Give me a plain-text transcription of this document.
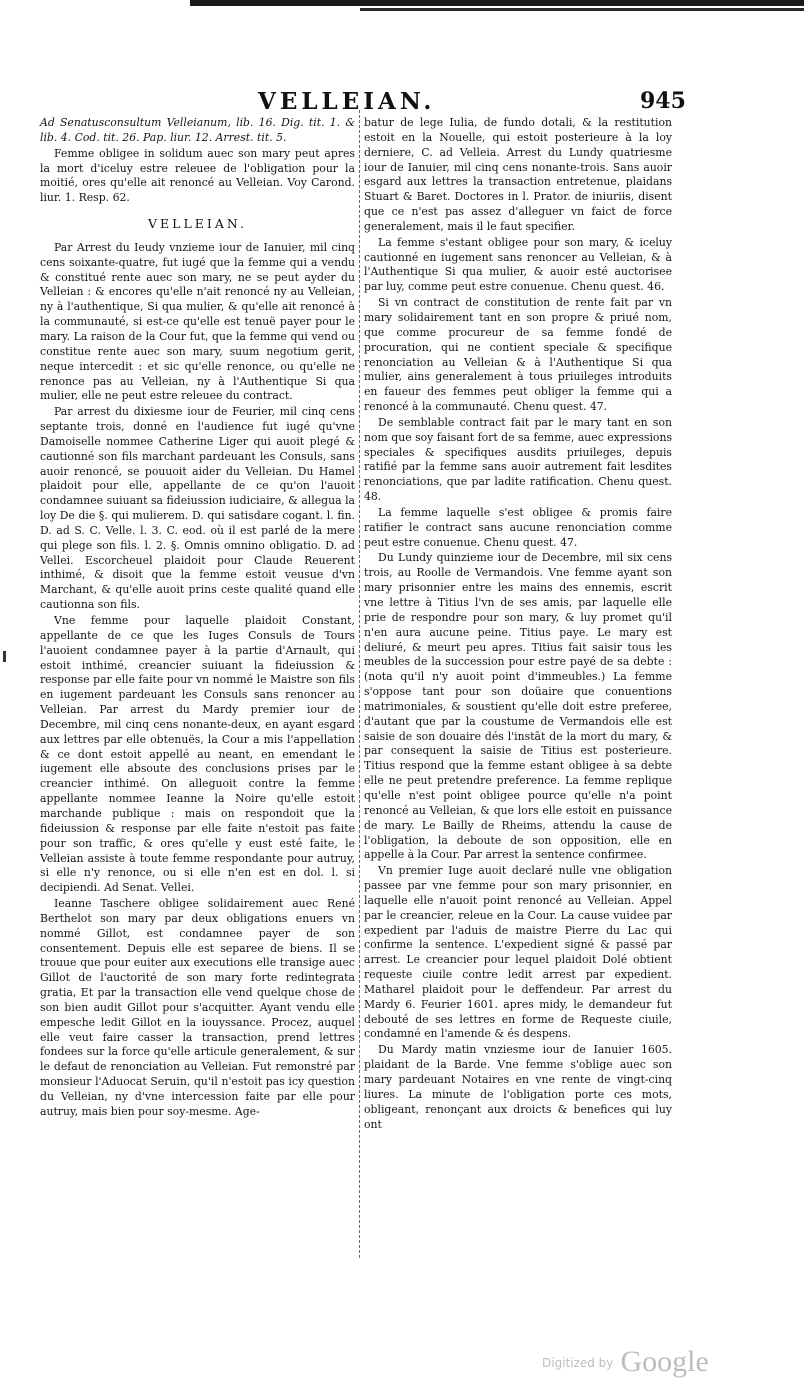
VELLEIAN.	945

Ad Senatusconsultum Velleianum, lib. 16. Dig. tit. 1. & lib. 4. Cod. tit. 26. Pap. liur. 12. Arrest. tit. 5.

Femme obligee in solidum auec son mary peut apres la mort d'iceluy estre releuee de l'obligation pour la moitié, ores qu'elle ait renoncé au Velleian. Voy Carond. liur. 1. Resp. 62.

VELLEIAN.

Par Arrest du Ieudy vnzieme iour de Ianuier, mil cinq cens soixante-quatre, fut iugé que la femme qui a vendu & constitué rente auec son mary, ne se peut ayder du Velleian : & encores qu'elle n'ait renoncé ny au Velleian, ny à l'authentique, Si qua mulier, & qu'elle ait renoncé à la communauté, si est-ce qu'elle est tenuë payer pour le mary. La raison de la Cour fut, que la femme qui vend ou constitue rente auec son mary, suum negotium gerit, neque intercedit : et sic qu'elle renonce, ou qu'elle ne renonce pas au Velleian, ny à l'Authentique Si qua mulier, elle ne peut estre releuee du contract.

Par arrest du dixiesme iour de Feurier, mil cinq cens septante trois, donné en l'audience fut iugé qu'vne Damoiselle nommee Catherine Liger qui auoit plegé & cautionné son fils marchant pardeuant les Consuls, sans auoir renoncé, se pouuoit aider du Velleian. Du Hamel plaidoit pour elle, appellante de ce qu'on l'auoit condamnee suiuant sa fideiussion iudiciaire, & allegua la loy De die §. qui mulierem. D. qui satisdare cogant. l. fin. D. ad S. C. Velle. l. 3. C. eod. où il est parlé de la mere qui plege son fils. l. 2. §. Omnis omnino obligatio. D. ad Vellei. Escorcheuel plaidoit pour Claude Reuerent inthimé, & disoit que la femme estoit veusue d'vn Marchant, & qu'elle auoit prins ceste qualité quand elle cautionna son fils.

Vne femme pour laquelle plaidoit Constant, appellante de ce que les Iuges Consuls de Tours l'auoient condamnee payer à la partie d'Arnault, qui estoit inthimé, creancier suiuant la fideiussion & response par elle faite pour vn nommé le Maistre son fils en iugement pardeuant les Consuls sans renoncer au Velleian. Par arrest du Mardy premier iour de Decembre, mil cinq cens nonante-deux, en ayant esgard aux lettres par elle obtenuës, la Cour a mis l'appellation & ce dont estoit appellé au neant, en emendant le iugement elle absoute des conclusions prises par le creancier inthimé. On alleguoit contre la femme appellante nommee Ieanne la Noire qu'elle estoit marchande publique : mais on respondoit que la fideiussion & response par elle faite n'estoit pas faite pour son traffic, & ores qu'elle y eust esté faite, le Velleian assiste à toute femme respondante pour autruy, si elle n'y renonce, ou si elle n'en est en dol. l. si decipiendi. Ad Senat. Vellei.

Ieanne Taschere obligee solidairement auec René Berthelot son mary par deux obligations enuers vn nommé Gillot, est condamnee payer de son consentement. Depuis elle est separee de biens. Il se trouue que pour euiter aux executions elle transige auec Gillot de l'auctorité de son mary forte redintegrata gratia, Et par la transaction elle vend quelque chose de son bien audit Gillot pour s'acquitter. Ayant vendu elle empesche ledit Gillot en la iouyssance. Procez, auquel elle veut faire casser la transaction, prend lettres fondees sur la force qu'elle articule generalement, & sur le defaut de renonciation au Velleian. Fut remonstré par monsieur l'Aduocat Seruin, qu'il n'estoit pas icy question du Velleian, ny d'vne intercession faite par elle pour autruy, mais bien pour soy-mesme. Age-

batur de lege Iulia, de fundo dotali, & la restitution estoit en la Nouelle, qui estoit posterieure à la loy derniere, C. ad Velleia. Arrest du Lundy quatriesme iour de Ianuier, mil cinq cens nonante-trois. Sans auoir esgard aux lettres la transaction entretenue, plaidans Stuart & Baret. Doctores in l. Prator. de iniuriis, disent que ce n'est pas assez d'alleguer vn faict de force generalement, mais il le faut specifier.

La femme s'estant obligee pour son mary, & iceluy cautionné en iugement sans renoncer au Velleian, & à l'Authentique Si qua mulier, & auoir esté auctorisee par luy, comme peut estre conuenue. Chenu quest. 46.

Si vn contract de constitution de rente fait par vn mary solidairement tant en son propre & priué nom, que comme procureur de sa femme fondé de procuration, qui ne contient speciale & specifique renonciation au Velleian & à l'Authentique Si qua mulier, ains generalement à tous priuileges introduits en faueur des femmes peut obliger la femme qui a renoncé à la communauté. Chenu quest. 47.

De semblable contract fait par le mary tant en son nom que soy faisant fort de sa femme, auec expressions speciales & specifiques ausdits priuileges, depuis ratifié par la femme sans auoir autrement fait lesdites renonciations, que par ladite ratification. Chenu quest. 48.

La femme laquelle s'est obligee & promis faire ratifier le contract sans aucune renonciation comme peut estre conuenue. Chenu quest. 47.

Du Lundy quinzieme iour de Decembre, mil six cens trois, au Roolle de Vermandois. Vne femme ayant son mary prisonnier entre les mains des ennemis, escrit vne lettre à Titius l'vn de ses amis, par laquelle elle prie de respondre pour son mary, & luy promet qu'il n'en aura aucune peine. Titius paye. Le mary est deliuré, & meurt peu apres. Titius fait saisir tous les meubles de la succession pour estre payé de sa debte : (nota qu'il n'y auoit point d'immeubles.) La femme s'oppose tant pour son doüaire que conuentions matrimoniales, & soustient qu'elle doit estre preferee, d'autant que par la coustume de Vermandois elle est saisie de son douaire dés l'instāt de la mort du mary, & par consequent la saisie de Titius est posterieure. Titius respond que la femme estant obligee à sa debte elle ne peut pretendre preference. La femme replique qu'elle n'est point obligee pource qu'elle n'a point renoncé au Velleian, & que lors elle estoit en puissance de mary. Le Bailly de Rheims, attendu la cause de l'obligation, la deboute de son opposition, elle en appelle à la Cour. Par arrest la sentence confirmee.

Vn premier Iuge auoit declaré nulle vne obligation passee par vne femme pour son mary prisonnier, en laquelle elle n'auoit point renoncé au Velleian. Appel par le creancier, releue en la Cour. La cause vuidee par expedient par l'aduis de maistre Pierre du Lac qui confirme la sentence. L'expedient signé & passé par arrest. Le creancier pour lequel plaidoit Dolé obtient requeste ciuile contre ledit arrest par expedient. Matharel plaidoit pour le deffendeur. Par arrest du Mardy 6. Feurier 1601. apres midy, le demandeur fut debouté de ses lettres en forme de Requeste ciuile, condamné en l'amende & és despens.

Du Mardy matin vnziesme iour de Ianuier 1605. plaidant de la Barde. Vne femme s'oblige auec son mary pardeuant Notaires en vne rente de vingt-cinq liures. La minute de l'obligation porte ces mots, obligeant, renonçant aux droicts & benefices qui luy ont

Digitized by Google
